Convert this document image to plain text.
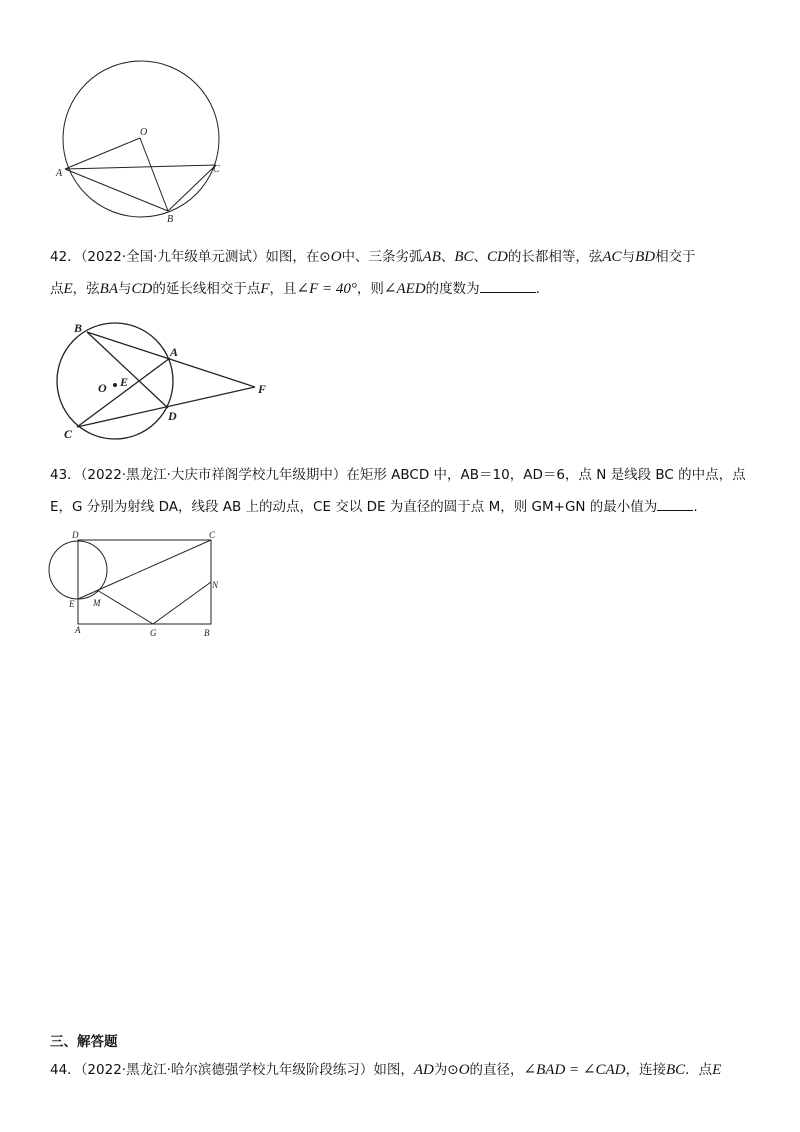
O
A
B
C
42．（2022·全国·九年级单元测试）如图，在⊙O中、三条劣弧AB、BC、CD的长都相等，弦AC与BD相交于
点E，弦BA与CD的延长线相交于点F，且∠F = 40°，则∠AED的度数为	.
B
A
O E	F
D
C
43．（2022·黑龙江·大庆市祥阁学校九年级期中）在矩形 ABCD 中，AB＝10，AD＝6，点 N 是线段 BC 的中点，点
E，G 分别为射线 DA，线段 AB 上的动点，CE 交以 DE 为直径的圆于点 M，则 GM+GN 的最小值为	.
D	C
N
E M
A	G	B
三、解答题
44．（2022·黑龙江·哈尔滨德强学校九年级阶段练习）如图，AD为⊙O的直径，∠BAD = ∠CAD，连接BC．点E
